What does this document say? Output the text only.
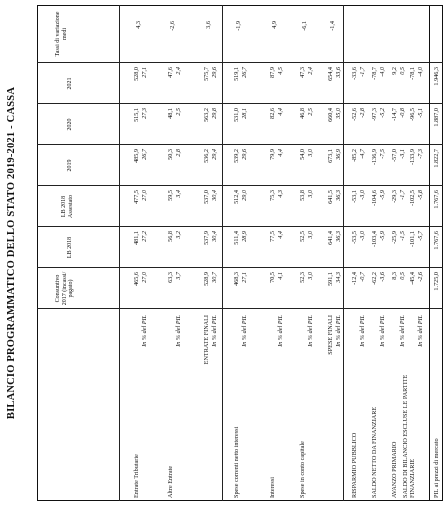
BILANCIO PROGRAMMATICO DELLO STATO 2019-2021 - CASSA	Consuntivo 2017 (incassi/ pagato)
LB 2018
LB 2018 Assestato
2019
2020
2021
Tassi di variazione medi
Entrate Tributarie
In % del PIL
465,6 27,0
481,1 27,2
477,5 27,0
485,9 26,7
515,1 27,3
528,0 27,1
4,3
Altre Entrate
In % del PIL
63,3 3,7
56,8 3,2
59,5 3,4
50,3 2,8
48,1 2,5
47,6 2,4
-2,6
ENTRATE FINALI In % del PIL
528,9 30,7
537,9 30,4
537,0 30,4
536,2 29,4
563,2 29,8
575,7 29,6
3,6
Spese correnti netto interessi
In % del PIL
468,3 27,1
511,4 28,9
512,4 29,0
539,2 29,6
531,0 28,1
519,1 26,7
-1,9
Interessi
In % del PIL
70,5 4,1
77,5 4,4
75,3 4,3
79,9 4,4
82,6 4,4
87,9 4,5
4,9
Spese in conto capitale
In % del PIL
52,3 3,0
52,5 3,0
53,8 3,0
54,0 3,0
46,8 2,5
47,3 2,4
-6,1
SPESE FINALI In % del PIL
591,1 34,3
641,4 36,3
641,5 36,3
673,1 36,9
660,4 35,0
654,4 33,6
-1,4
RISPARMIO PUBBLICO
In % del PIL
-12,4 -0,7
-53,5 -3,0
-53,1 -3,0
-85,2 -4,7
-52,6 -2,8
-33,6 -1,7
SALDO NETTO DA FINANZIARE
In % del PIL
-62,2 -3,6
-103,4 -5,9
-104,6 -5,9
-136,9 -7,5
-97,3 -5,2
-78,7 -4,0
AVANZO PRIMARIO
In % del PIL
8,3 0,5
-25,9 -1,5
-29,3 -1,7
-57,0 -3,1
-14,7 -0,8
9,2 0,5
SALDO DI BILANCIO ESCLUSE LE PARTITE FINANZIARIE
In % del PIL
-45,4 -2,6
-101,1 -5,7
-102,5 -5,8
-133,9 -7,3
-96,5 -5,1
-78,1 -4,0
PIL ai prezzi di mercato
1.725,0
1.767,6
1.767,6
1.822,7
1.887,0
1.946,3
